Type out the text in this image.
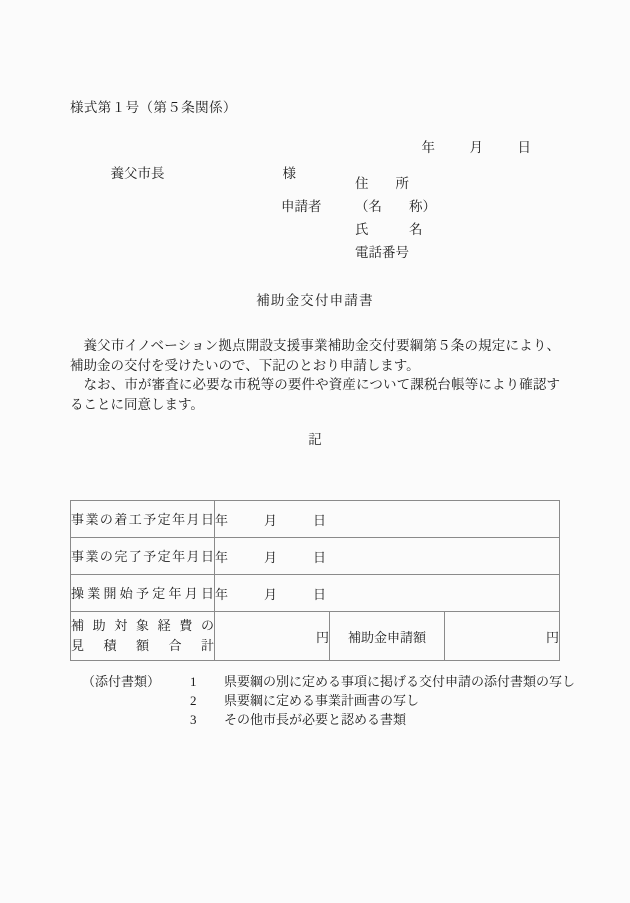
様式第１号（第５条関係）

年	月	日

養父市長	様

住　　所
申請者	（名　　称）
氏　　　名
電話番号
補助金交付申請書

養父市イノベーション拠点開設支援事業補助金交付要綱第５条の規定により、補助金の交付を受けたいので、下記のとおり申請します。

なお、市が審査に必要な市税等の要件や資産について課税台帳等により確認することに同意します。

記
事業の着工予定年月日	年 月 日		
事業の完了予定年月日	年 月 日		
操業開始予定年月日	年 月 日		

補助対象経費の
見積額合計	円	補助金申請額	円
（添付書類）	1	県要綱の別に定める事項に掲げる交付申請の添付書類の写し
2	県要綱に定める事業計画書の写し
3	その他市長が必要と認める書類
